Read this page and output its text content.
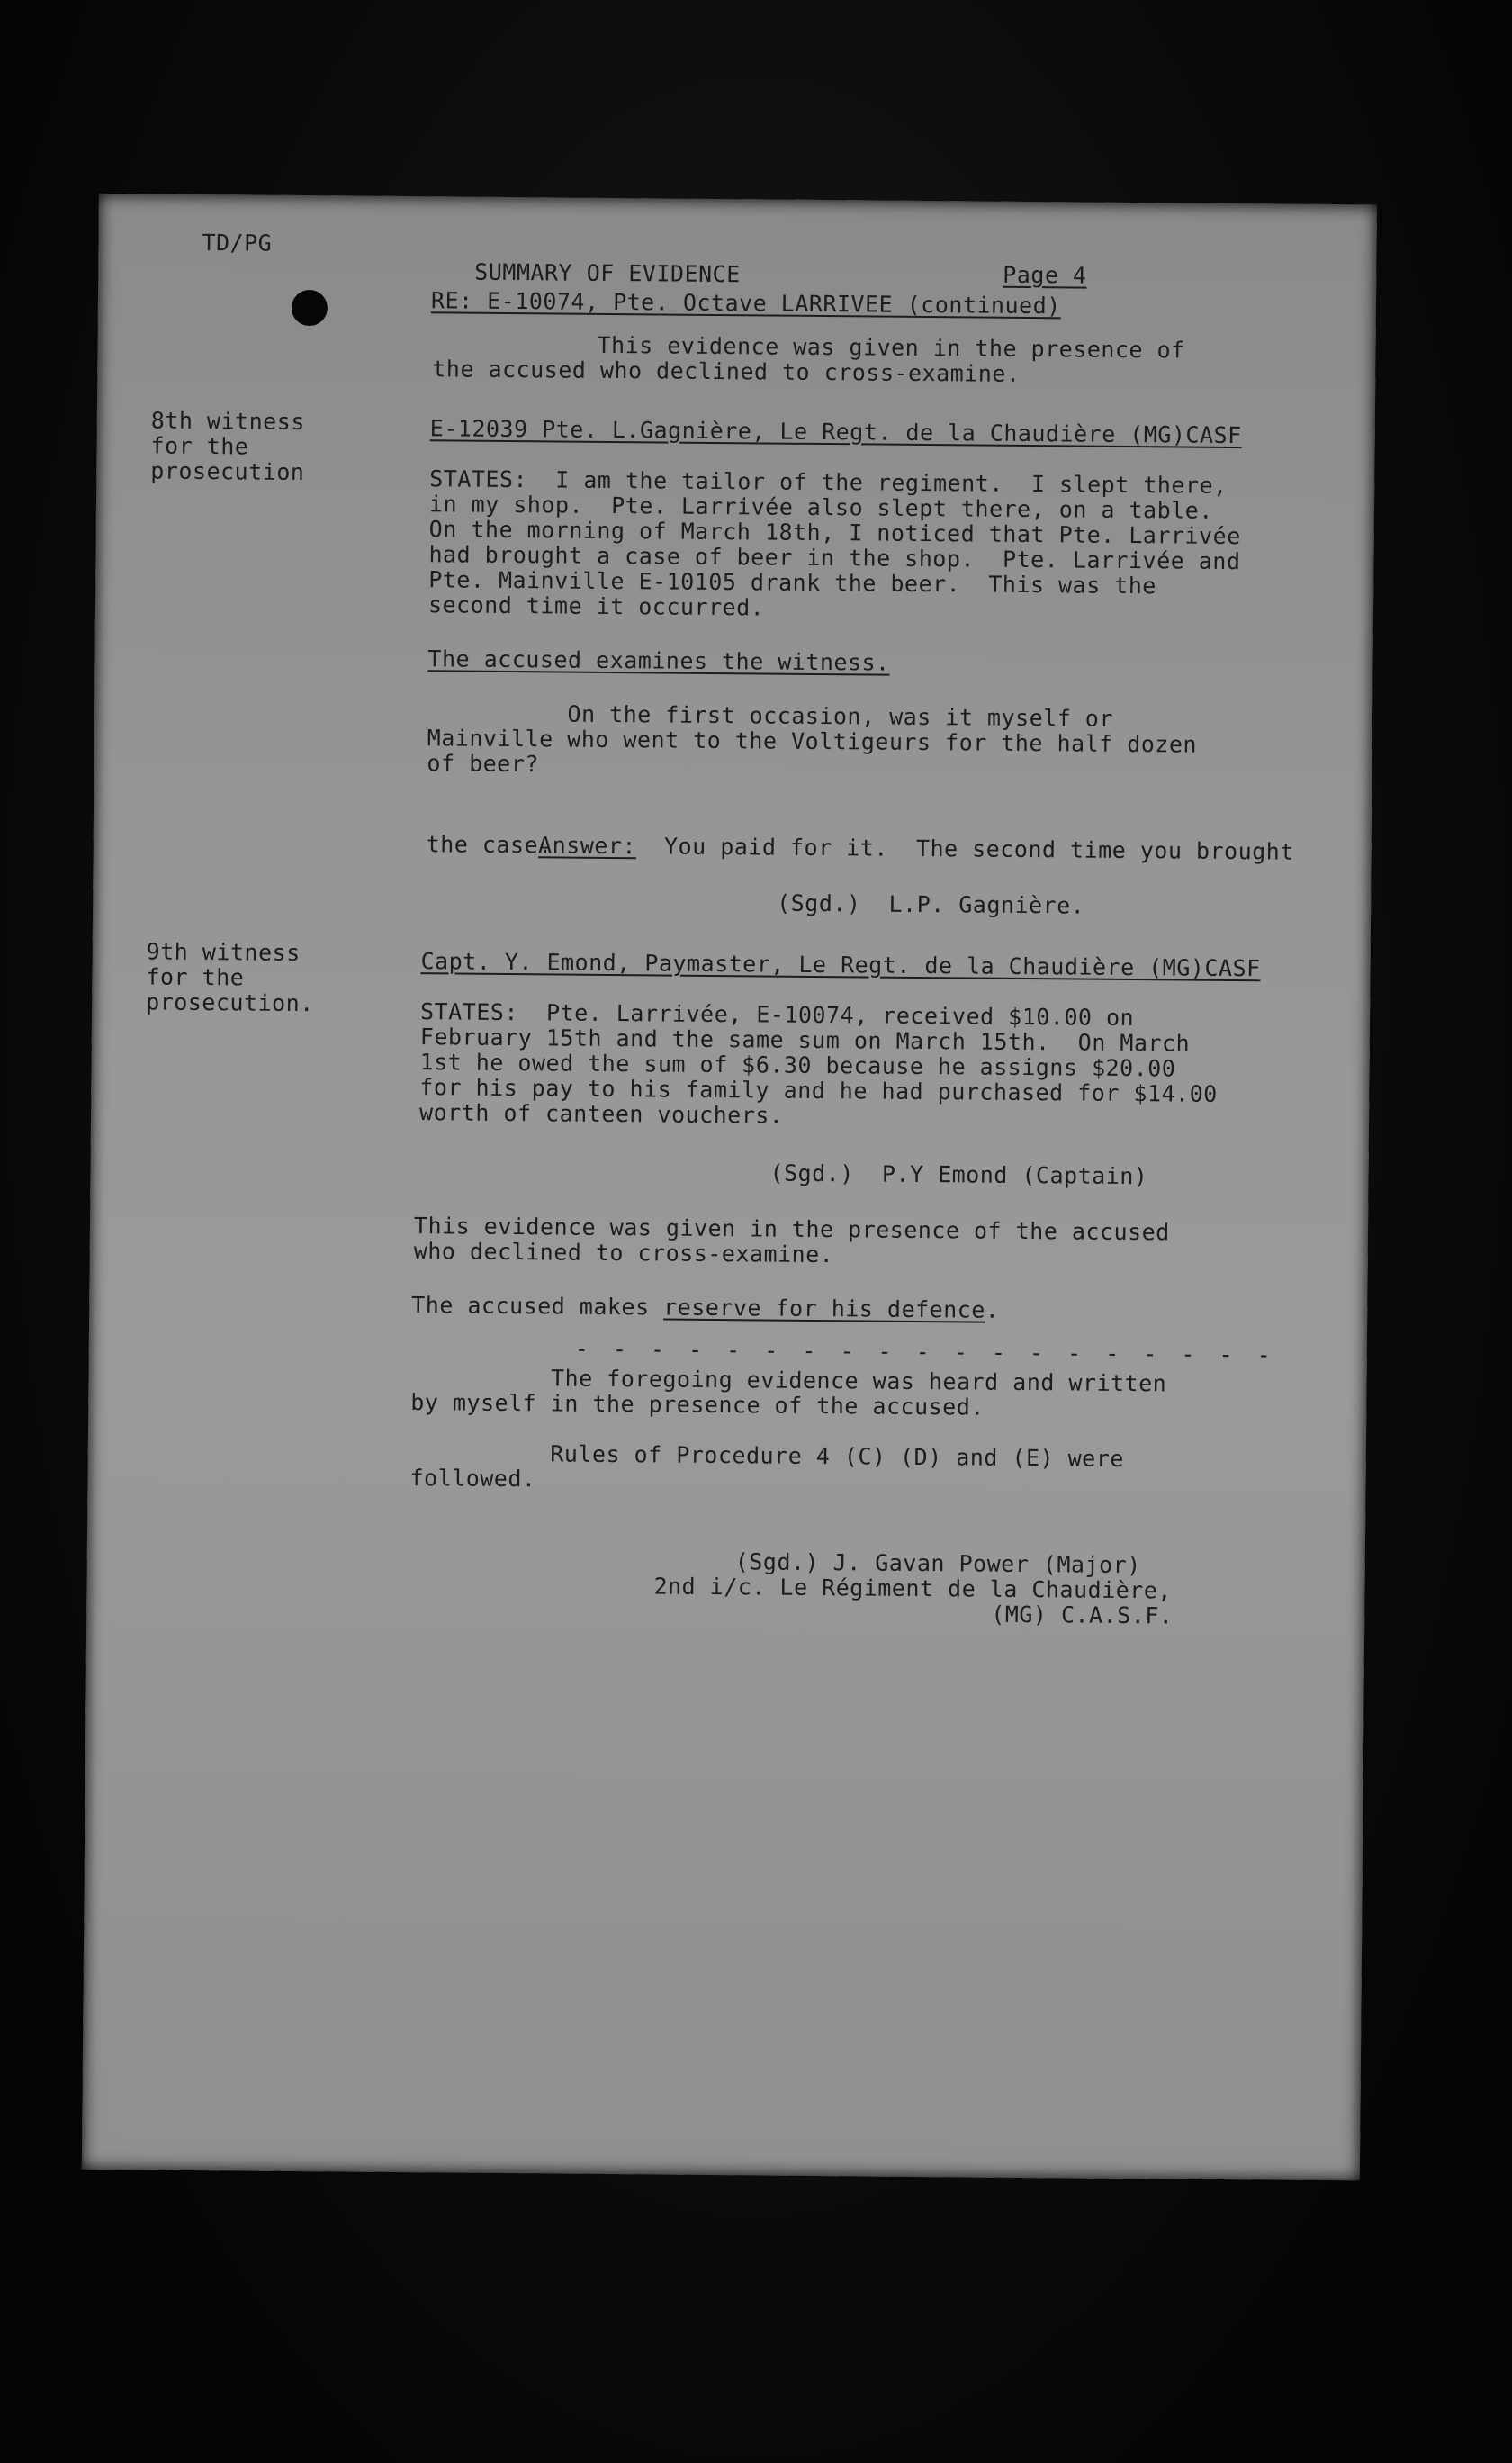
TD/PG
SUMMARY OF EVIDENCE	Page 4
RE: E-10074, Pte. Octave LARRIVEE (continued)
This evidence was given in the presence of
the accused who declined to cross-examine.
8th witness
for the
prosecution
E-12039 Pte. L.Gagnière, Le Regt. de la Chaudière (MG)CASF
STATES:  I am the tailor of the regiment.  I slept there,
in my shop.  Pte. Larrivée also slept there, on a table.
On the morning of March 18th, I noticed that Pte. Larrivée
had brought a case of beer in the shop.  Pte. Larrivée and
Pte. Mainville E-10105 drank the beer.  This was the
second time it occurred.
The accused examines the witness.
On the first occasion, was it myself or
Mainville who went to the Voltigeurs for the half dozen
of beer?

Answer:  You paid for it.  The second time you brought

the case.
(Sgd.)  L.P. Gagnière.
9th witness
for the
prosecution.
Capt. Y. Emond, Paymaster, Le Regt. de la Chaudière (MG)CASF
STATES:  Pte. Larrivée, E-10074, received $10.00 on
February 15th and the same sum on March 15th.  On March
1st he owed the sum of $6.30 because he assigns $20.00
for his pay to his family and he had purchased for $14.00
worth of canteen vouchers.
(Sgd.)  P.Y Emond (Captain)
This evidence was given in the presence of the accused
who declined to cross-examine.
The accused makes reserve for his defence.
- - - - - - - - - - - - - - - - - - -
The foregoing evidence was heard and written
by myself in the presence of the accused.
Rules of Procedure 4 (C) (D) and (E) were
followed.
(Sgd.) J. Gavan Power (Major)
2nd i/c. Le Régiment de la Chaudière,
(MG) C.A.S.F.
